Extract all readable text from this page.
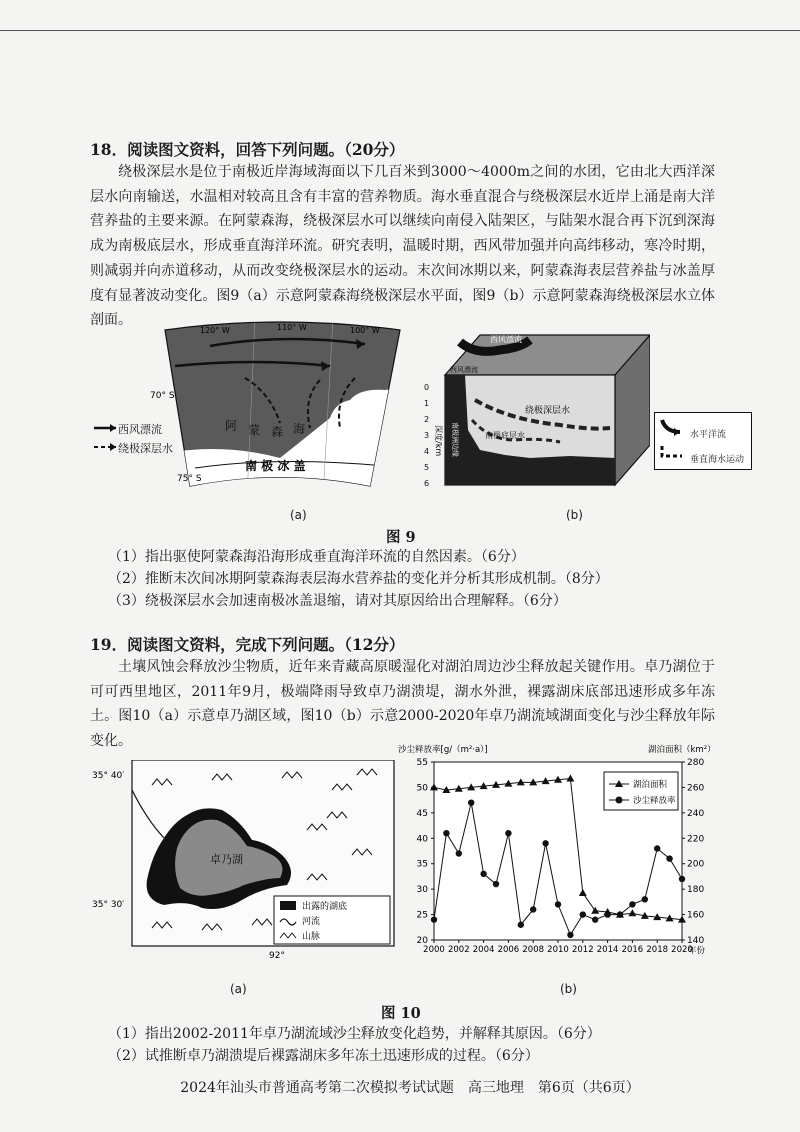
18．阅读图文资料，回答下列问题。（20分）

绕极深层水是位于南极近岸海域海面以下几百米到3000～4000m之间的水团，它由北大西洋深层水向南输送，水温相对较高且含有丰富的营养物质。海水垂直混合与绕极深层水近岸上涌是南大洋营养盐的主要来源。在阿蒙森海，绕极深层水可以继续向南侵入陆架区，与陆架水混合再下沉到深海成为南极底层水，形成垂直海洋环流。研究表明，温暖时期，西风带加强并向高纬移动，寒冷时期，则减弱并向赤道移动，从而改变绕极深层水的运动。末次间冰期以来，阿蒙森海表层营养盐与冰盖厚度有显著波动变化。图9（a）示意阿蒙森海绕极深层水平面，图9（b）示意阿蒙森海绕极深层水立体剖面。

70° S
75° S
120° W	110° W	100° W
阿 蒙 森 海
南 极 冰 盖
西风漂流
绕极深层水
(a)
0
1
2
3
4
5
6
深度/km
西风漂流
西风漂流
绕极深层水
南极底层水
南极洲边缘	水平洋流
垂直海水运动
(b)
图 9
（1）指出驱使阿蒙森海沿海形成垂直海洋环流的自然因素。（6分）
（2）推断末次间冰期阿蒙森海表层海水营养盐的变化并分析其形成机制。（8分）
（3）绕极深层水会加速南极冰盖退缩，请对其原因给出合理解释。（6分）
19．阅读图文资料，完成下列问题。（12分）

土壤风蚀会释放沙尘物质，近年来青藏高原暖湿化对湖泊周边沙尘释放起关键作用。卓乃湖位于可可西里地区，2011年9月，极端降雨导致卓乃湖溃堤，湖水外泄，裸露湖床底部迅速形成多年冻土。图10（a）示意卓乃湖区域，图10（b）示意2000-2020年卓乃湖流域湖面变化与沙尘释放年际变化。

卓乃湖
35° 40′
35° 30′
92°
出露的湖底
河流
山脉
(a)
沙尘释放率[g/（m²·a）]	湖泊面积（km²）
20
25
30
35
40
45
50
55
140
160
180
200
220
240
260
280
2000 2002 2004 2006 2008 2010 2012 2014 2016 2018 2020
湖泊面积
沙尘释放率
年份
(b)
图 10
（1）指出2002-2011年卓乃湖流域沙尘释放变化趋势，并解释其原因。（6分）
（2）试推断卓乃湖溃堤后裸露湖床多年冻土迅速形成的过程。（6分）
2024年汕头市普通高考第二次模拟考试试题　高三地理　第6页（共6页）
